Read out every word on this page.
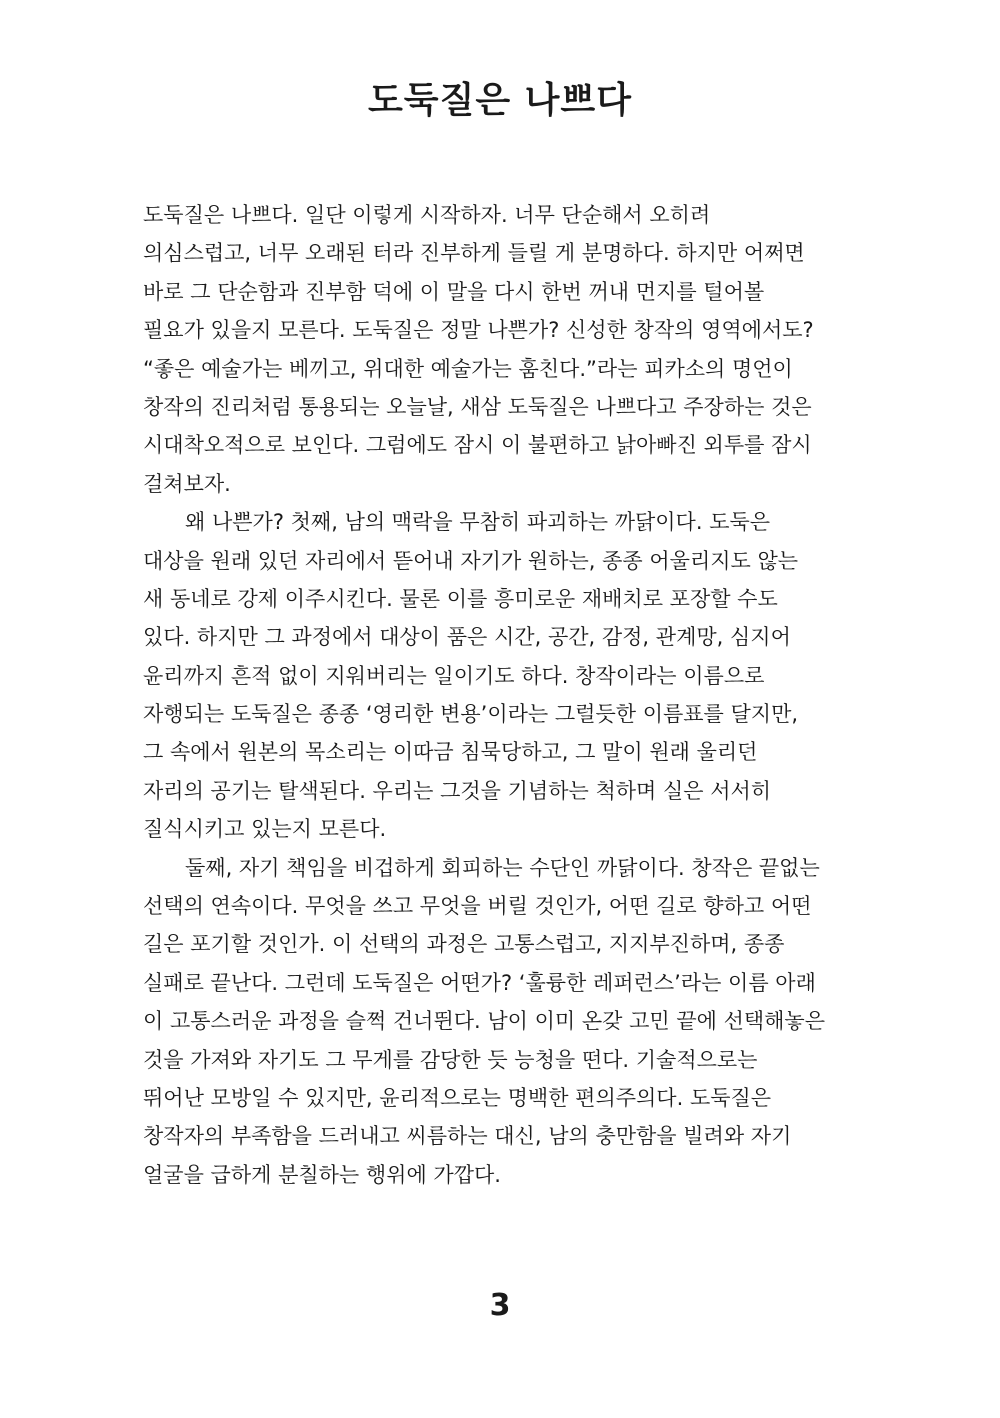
도둑질은 나쁘다

도둑질은 나쁘다. 일단 이렇게 시작하자. 너무 단순해서 오히려
의심스럽고, 너무 오래된 터라 진부하게 들릴 게 분명하다. 하지만 어쩌면
바로 그 단순함과 진부함 덕에 이 말을 다시 한번 꺼내 먼지를 털어볼
필요가 있을지 모른다. 도둑질은 정말 나쁜가? 신성한 창작의 영역에서도?
“좋은 예술가는 베끼고, 위대한 예술가는 훔친다.”라는 피카소의 명언이
창작의 진리처럼 통용되는 오늘날, 새삼 도둑질은 나쁘다고 주장하는 것은
시대착오적으로 보인다. 그럼에도 잠시 이 불편하고 낡아빠진 외투를 잠시
걸쳐보자.

왜 나쁜가? 첫째, 남의 맥락을 무참히 파괴하는 까닭이다. 도둑은
대상을 원래 있던 자리에서 뜯어내 자기가 원하는, 종종 어울리지도 않는
새 동네로 강제 이주시킨다. 물론 이를 흥미로운 재배치로 포장할 수도
있다. 하지만 그 과정에서 대상이 품은 시간, 공간, 감정, 관계망, 심지어
윤리까지 흔적 없이 지워버리는 일이기도 하다. 창작이라는 이름으로
자행되는 도둑질은 종종 ‘영리한 변용’이라는 그럴듯한 이름표를 달지만,
그 속에서 원본의 목소리는 이따금 침묵당하고, 그 말이 원래 울리던
자리의 공기는 탈색된다. 우리는 그것을 기념하는 척하며 실은 서서히
질식시키고 있는지 모른다.

둘째, 자기 책임을 비겁하게 회피하는 수단인 까닭이다. 창작은 끝없는
선택의 연속이다. 무엇을 쓰고 무엇을 버릴 것인가, 어떤 길로 향하고 어떤
길은 포기할 것인가. 이 선택의 과정은 고통스럽고, 지지부진하며, 종종
실패로 끝난다. 그런데 도둑질은 어떤가? ‘훌륭한 레퍼런스’라는 이름 아래
이 고통스러운 과정을 슬쩍 건너뛴다. 남이 이미 온갖 고민 끝에 선택해놓은
것을 가져와 자기도 그 무게를 감당한 듯 능청을 떤다. 기술적으로는
뛰어난 모방일 수 있지만, 윤리적으로는 명백한 편의주의다. 도둑질은
창작자의 부족함을 드러내고 씨름하는 대신, 남의 충만함을 빌려와 자기
얼굴을 급하게 분칠하는 행위에 가깝다.

3
